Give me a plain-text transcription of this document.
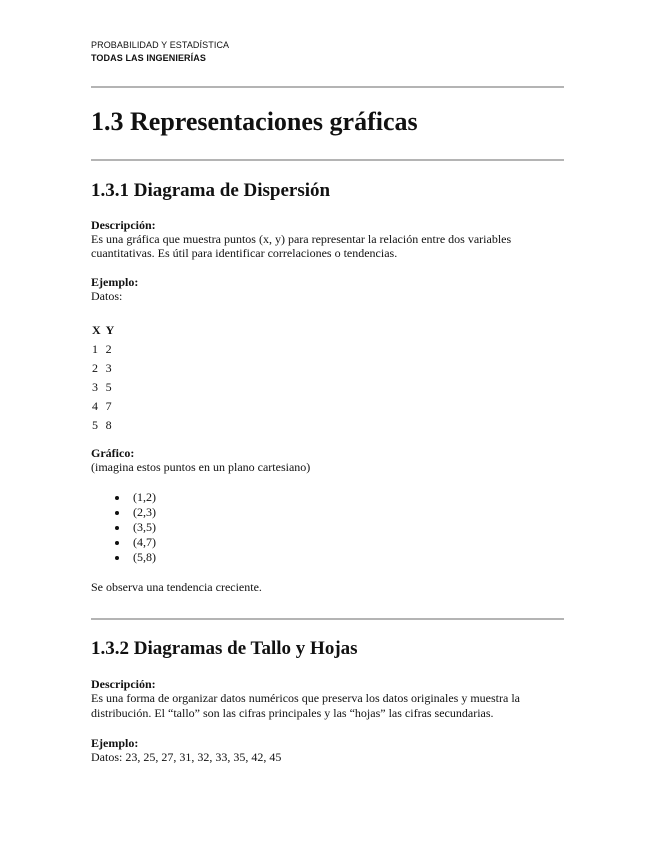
PROBABILIDAD Y ESTADÍSTICA
TODAS LAS INGENIERÍAS
1.3 Representaciones gráficas
1.3.1 Diagrama de Dispersión
Descripción:
Es una gráfica que muestra puntos (x, y) para representar la relación entre dos variables
cuantitativas. Es útil para identificar correlaciones o tendencias.
Ejemplo:
Datos:
X	Y
1	2
2	3
3	5
4	7
5	8
Gráfico:
(imagina estos puntos en un plano cartesiano)
• (1,2)
• (2,3)
• (3,5)
• (4,7)
• (5,8)
Se observa una tendencia creciente.
1.3.2 Diagramas de Tallo y Hojas
Descripción:
Es una forma de organizar datos numéricos que preserva los datos originales y muestra la
distribución. El “tallo” son las cifras principales y las “hojas” las cifras secundarias.
Ejemplo:
Datos: 23, 25, 27, 31, 32, 33, 35, 42, 45
